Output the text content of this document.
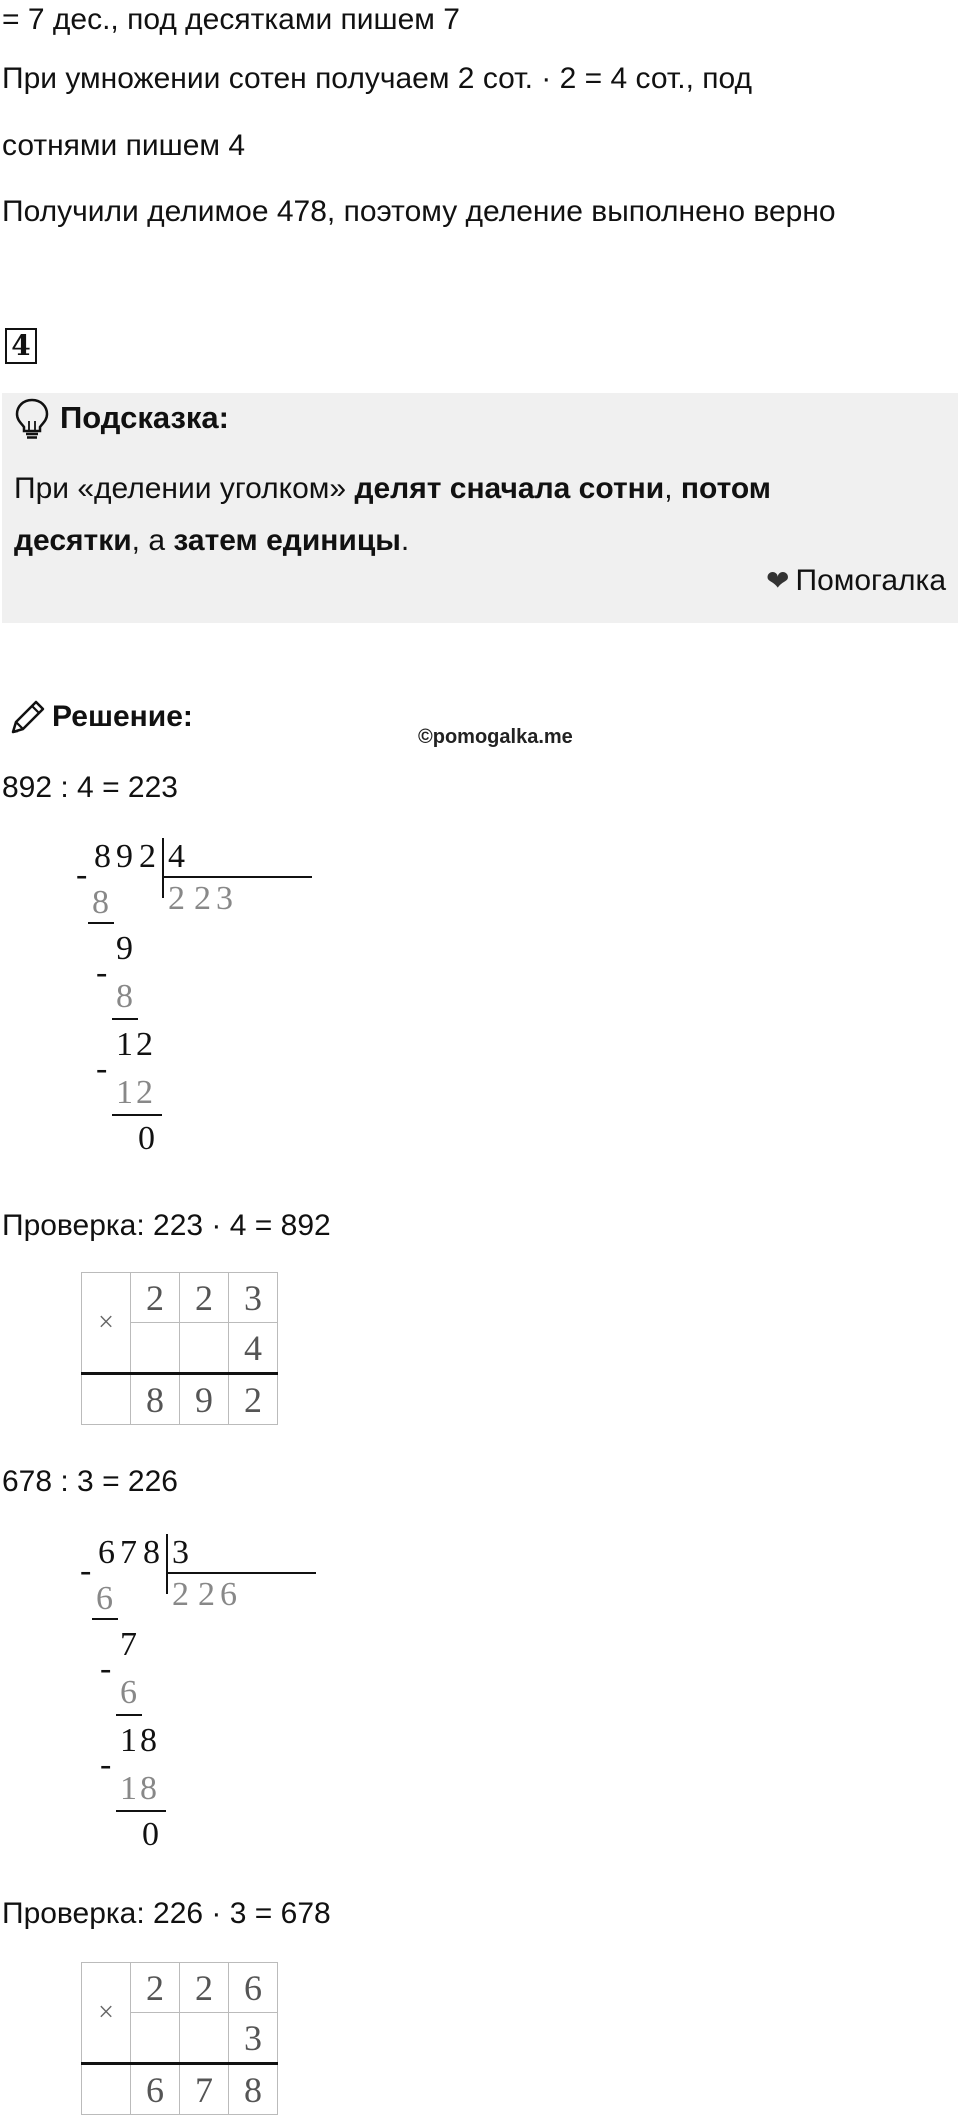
= 7 дес., под десятками пишем 7
При умножении сотен получаем 2 сот. · 2 = 4 сот., под
сотнями пишем 4
Получили делимое 478, поэтому деление выполнено верно
4
Подсказка:
При «делении уголком» делят сначала сотни, потом
десятки, а затем единицы.
❤ Помогалка
Решение:
©pomogalka.me
892 : 4 = 223
8 9 2 4
2 2 3
-
8
9
-
8
1 2
-
1 2
0
Проверка: 223 · 4 = 892
×	2	2	3
			4
	8	9	2
678 : 3 = 226
6 7 8 3
2 2 6
-
6
7
-
6
1 8
-
1 8
0
Проверка: 226 · 3 = 678
×	2	2	6
			3
	6	7	8
